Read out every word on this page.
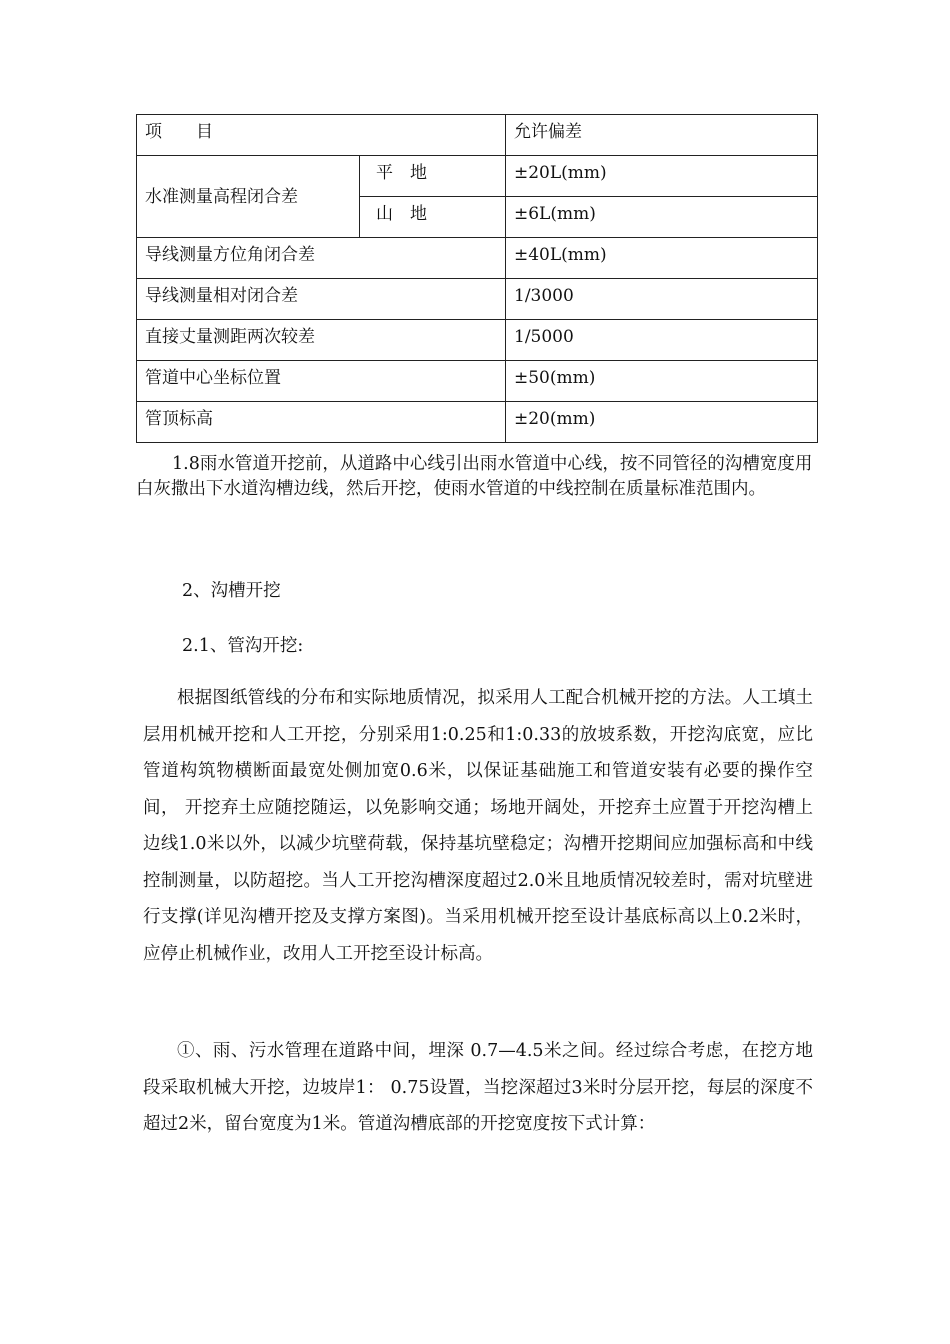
项　　目		允许偏差

水准测量高程闭合差	平　地	±20L(mm)

	山　地	±6L(mm)

导线测量方位角闭合差		±40L(mm)

导线测量相对闭合差		1/3000

直接丈量测距两次较差		1/5000

管道中心坐标位置		±50(mm)

管顶标高		±20(mm)

1.8雨水管道开挖前，从道路中心线引出雨水管道中心线，按不同管径的沟槽宽度用白灰撒出下水道沟槽边线，然后开挖，使雨水管道的中线控制在质量标准范围内。

2、沟槽开挖

2.1、管沟开挖:

根据图纸管线的分布和实际地质情况，拟采用人工配合机械开挖的方法。人工填土层用机械开挖和人工开挖，分别采用1:0.25和1:0.33的放坡系数，开挖沟底宽，应比管道构筑物横断面最宽处侧加宽0.6米，以保证基础施工和管道安装有必要的操作空间， 开挖弃土应随挖随运，以免影响交通；场地开阔处，开挖弃土应置于开挖沟槽上边线1.0米以外，以减少坑壁荷载，保持基坑壁稳定；沟槽开挖期间应加强标高和中线控制测量，以防超挖。当人工开挖沟槽深度超过2.0米且地质情况较差时，需对坑壁进行支撑(详见沟槽开挖及支撑方案图)。当采用机械开挖至设计基底标高以上0.2米时，应停止机械作业，改用人工开挖至设计标高。

①、雨、污水管理在道路中间，埋深 0.7—4.5米之间。经过综合考虑，在挖方地段采取机械大开挖，边坡岸1： 0.75设置，当挖深超过3米时分层开挖，每层的深度不超过2米，留台宽度为1米。管道沟槽底部的开挖宽度按下式计算：
